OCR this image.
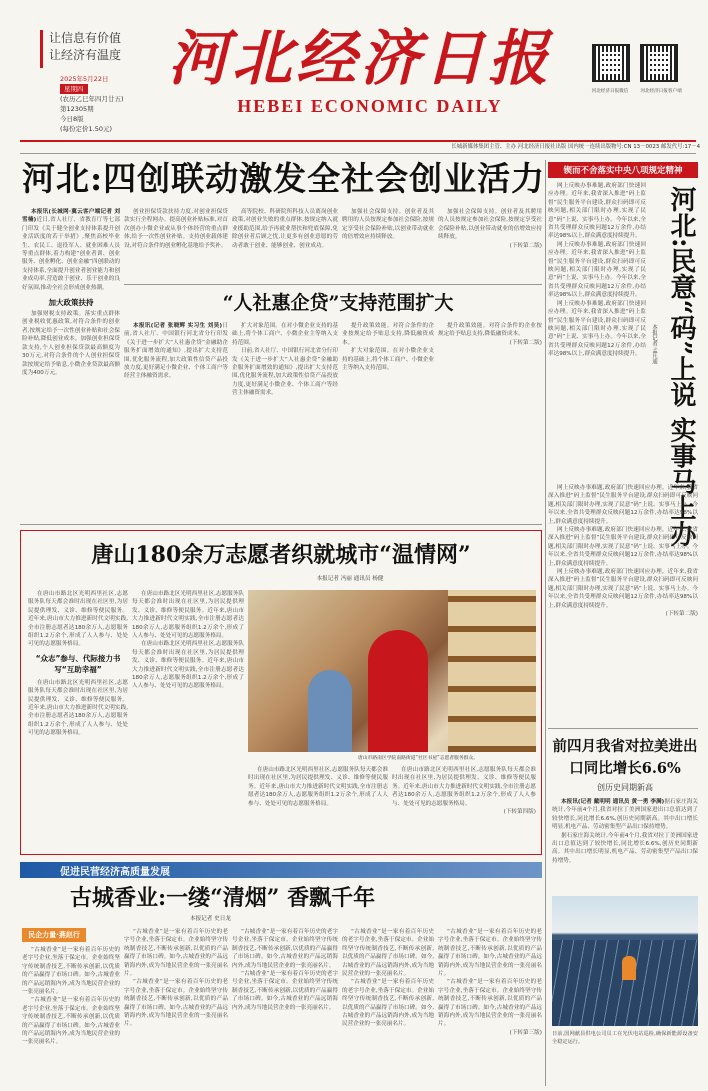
让信息有价值
让经济有温度
2025年5月22日
星期四
(农历乙巳年四月廿五)
第12305期
今日8版
(每份定价1.50元)
河北经济日报
HEBEI ECONOMIC DAILY
河北经济日报微信	河北经济日报客户端
长城新媒体集团主管、主办 河北经济日报社出版 国内统一连续出版物号:CN 13－0023 邮发代号:17－4
河北:四创联动激发全社会创业活力	锲而不舍落实中央八项规定精神

本报讯(长城网·冀云客户端记者 刘雪楠)近日,省人社厅、省教育厅等七部门印发《关于健全创业支持体系提升创业活跃度的若干举措》,聚焦高校毕业生、农民工、退役军人、就业困难人员等重点群体,着力构建“创业者训、创业服务、创业孵化、创业金融”四创联动的支持体系,全面提升创业者创业能力和创业成功率,营造敢于创业、乐于创业的良好氛围,推动全社会形成创业热潮。

加大政策扶持

加强财税支持政策。落实重点群体创业税收优惠政策,对符合条件的创业者,按规定给予一次性创业补贴和社会保险补贴,降低创业成本。加强创业担保贷款支持,个人创业担保贷款最高额度为30万元,对符合条件的个人创业担保贷款按规定给予贴息,小微企业贷款最高额度为400万元。

创业担保贷款扶持力度,对创业担保贷款实行全程网办。提高创业补贴标准,对首次创办小微企业或从事个体经营的重点群体,给予一次性创业补贴。支持创业载体建设,对符合条件的创业孵化基地给予奖补。

高等院校、科研院所科技人员离岗创业政策,对创业失败的重点群体,按规定纳入就业援助范围,给予再就业帮扶和兜底保障,免除创业者后顾之忧,让更多有创业意愿的劳动者敢于创业、能够创业、创业成功。

加强社会保障支持。创业者及其聘用的人员按规定参加社会保险,按规定享受社会保险补贴,以创业带动就业的倍增效应持续释放。

加强社会保障支持。创业者及其聘用的人员按规定参加社会保险,按规定享受社会保险补贴,以创业带动就业的倍增效应持续释放。

(下转第二版)
“人社惠企贷”支持范围扩大

本报讯(记者 张晓辉 实习生 刘昊)日前,省人社厅、中国银行河北省分行印发《关于进一步扩大“人社惠企贷”金融助企服务扩面增效的通知》,提出扩大支持范围,优化服务流程,加大政策性信贷产品投放力度,更好满足小微企业、个体工商户等经营主体融资需求。

扩大对象范围。在对小微企业支持的基础上,将个体工商户、小微企业主等纳入支持范围。

日前,省人社厅、中国银行河北省分行印发《关于进一步扩大“人社惠企贷”金融助企服务扩面增效的通知》,提出扩大支持范围,优化服务流程,加大政策性信贷产品投放力度,更好满足小微企业、个体工商户等经营主体融资需求。

提升政策效能。对符合条件的企业按规定给予贴息支持,降低融资成本。

扩大对象范围。在对小微企业支持的基础上,将个体工商户、小微企业主等纳入支持范围。

提升政策效能。对符合条件的企业按规定给予贴息支持,降低融资成本。

(下转第二版)

网上反映办事难题,政府部门快速回应办理。近年来,我省深入推进“码上监督”民生服务平台建设,群众扫码即可反映问题,相关部门限时办理,实现了民意“码”上说、实事马上办。今年以来,全省共受理群众反映问题12万余件,办结率达98%以上,群众满意度持续提升。

网上反映办事难题,政府部门快速回应办理。近年来,我省深入推进“码上监督”民生服务平台建设,群众扫码即可反映问题,相关部门限时办理,实现了民意“码”上说、实事马上办。今年以来,全省共受理群众反映问题12万余件,办结率达98%以上,群众满意度持续提升。

网上反映办事难题,政府部门快速回应办理。近年来,我省深入推进“码上监督”民生服务平台建设,群众扫码即可反映问题,相关部门限时办理,实现了民意“码”上说、实事马上办。今年以来,全省共受理群众反映问题12万余件,办结率达98%以上,群众满意度持续提升。 河北:民意“码”上说 实事马上办
本报记者 孟凡迪

网上反映办事难题,政府部门快速回应办理。近年来,我省深入推进“码上监督”民生服务平台建设,群众扫码即可反映问题,相关部门限时办理,实现了民意“码”上说、实事马上办。今年以来,全省共受理群众反映问题12万余件,办结率达98%以上,群众满意度持续提升。

网上反映办事难题,政府部门快速回应办理。近年来,我省深入推进“码上监督”民生服务平台建设,群众扫码即可反映问题,相关部门限时办理,实现了民意“码”上说、实事马上办。今年以来,全省共受理群众反映问题12万余件,办结率达98%以上,群众满意度持续提升。

网上反映办事难题,政府部门快速回应办理。近年来,我省深入推进“码上监督”民生服务平台建设,群众扫码即可反映问题,相关部门限时办理,实现了民意“码”上说、实事马上办。今年以来,全省共受理群众反映问题12万余件,办结率达98%以上,群众满意度持续提升。

(下转第二版)
唐山180余万志愿者织就城市“温情网”
本报记者 冯丽 通讯员 杨健

在唐山市路北区光明西里社区,志愿服务队每天都会准时出现在社区里,为居民提供理发、义诊、维修等便民服务。近年来,唐山市大力推进新时代文明实践,全市注册志愿者达180余万人,志愿服务组织1.2万余个,形成了人人参与、处处可见的志愿服务格局。

“众志”参与、代际接力书写“互助幸福”

在唐山市路北区光明西里社区,志愿服务队每天都会准时出现在社区里,为居民提供理发、义诊、维修等便民服务。近年来,唐山市大力推进新时代文明实践,全市注册志愿者达180余万人,志愿服务组织1.2万余个,形成了人人参与、处处可见的志愿服务格局。

在唐山市路北区光明西里社区,志愿服务队每天都会准时出现在社区里,为居民提供理发、义诊、维修等便民服务。近年来,唐山市大力推进新时代文明实践,全市注册志愿者达180余万人,志愿服务组织1.2万余个,形成了人人参与、处处可见的志愿服务格局。

在唐山市路北区光明西里社区,志愿服务队每天都会准时出现在社区里,为居民提供理发、义诊、维修等便民服务。近年来,唐山市大力推进新时代文明实践,全市注册志愿者达180余万人,志愿服务组织1.2万余个,形成了人人参与、处处可见的志愿服务格局。

唐山市路南区学院南路街道“社区书屋”志愿者服务群众。

在唐山市路北区光明西里社区,志愿服务队每天都会准时出现在社区里,为居民提供理发、义诊、维修等便民服务。近年来,唐山市大力推进新时代文明实践,全市注册志愿者达180余万人,志愿服务组织1.2万余个,形成了人人参与、处处可见的志愿服务格局。

在唐山市路北区光明西里社区,志愿服务队每天都会准时出现在社区里,为居民提供理发、义诊、维修等便民服务。近年来,唐山市大力推进新时代文明实践,全市注册志愿者达180余万人,志愿服务组织1.2万余个,形成了人人参与、处处可见的志愿服务格局。

(下转第四版)
前四月我省对拉美进出口同比增长6.6%
创历史同期新高

本报讯(记者 戴明明 通讯员 黄一勇 李满)据石家庄海关统计,今年前4个月,我省对拉丁美洲国家进出口总值达到了较快增长,同比增长6.6%,创历史同期新高。其中出口增长明显,机电产品、劳动密集型产品出口保持增势。

据石家庄海关统计,今年前4个月,我省对拉丁美洲国家进出口总值达到了较快增长,同比增长6.6%,创历史同期新高。其中出口增长明显,机电产品、劳动密集型产品出口保持增势。

促进民营经济高质量发展
古城香业:一缕“清烟” 香飘千年
本报记者 史日龙
民企力量·燕赵行

“古城香业”是一家有着百年历史的老字号企业,坐落于保定市。企业始终坚守传统制香技艺,不断传承创新,以优质的产品赢得了市场口碑。如今,古城香业的产品远销海内外,成为当地民营企业的一张亮丽名片。

“古城香业”是一家有着百年历史的老字号企业,坐落于保定市。企业始终坚守传统制香技艺,不断传承创新,以优质的产品赢得了市场口碑。如今,古城香业的产品远销海内外,成为当地民营企业的一张亮丽名片。

“古城香业”是一家有着百年历史的老字号企业,坐落于保定市。企业始终坚守传统制香技艺,不断传承创新,以优质的产品赢得了市场口碑。如今,古城香业的产品远销海内外,成为当地民营企业的一张亮丽名片。

“古城香业”是一家有着百年历史的老字号企业,坐落于保定市。企业始终坚守传统制香技艺,不断传承创新,以优质的产品赢得了市场口碑。如今,古城香业的产品远销海内外,成为当地民营企业的一张亮丽名片。

“古城香业”是一家有着百年历史的老字号企业,坐落于保定市。企业始终坚守传统制香技艺,不断传承创新,以优质的产品赢得了市场口碑。如今,古城香业的产品远销海内外,成为当地民营企业的一张亮丽名片。

“古城香业”是一家有着百年历史的老字号企业,坐落于保定市。企业始终坚守传统制香技艺,不断传承创新,以优质的产品赢得了市场口碑。如今,古城香业的产品远销海内外,成为当地民营企业的一张亮丽名片。

“古城香业”是一家有着百年历史的老字号企业,坐落于保定市。企业始终坚守传统制香技艺,不断传承创新,以优质的产品赢得了市场口碑。如今,古城香业的产品远销海内外,成为当地民营企业的一张亮丽名片。

“古城香业”是一家有着百年历史的老字号企业,坐落于保定市。企业始终坚守传统制香技艺,不断传承创新,以优质的产品赢得了市场口碑。如今,古城香业的产品远销海内外,成为当地民营企业的一张亮丽名片。

“古城香业”是一家有着百年历史的老字号企业,坐落于保定市。企业始终坚守传统制香技艺,不断传承创新,以优质的产品赢得了市场口碑。如今,古城香业的产品远销海内外,成为当地民营企业的一张亮丽名片。

“古城香业”是一家有着百年历史的老字号企业,坐落于保定市。企业始终坚守传统制香技艺,不断传承创新,以优质的产品赢得了市场口碑。如今,古城香业的产品远销海内外,成为当地民营企业的一张亮丽名片。

(下转第三版) 日前,国网献县供电公司员工在光伏电站巡检,确保新能源设备安全稳定运行。
